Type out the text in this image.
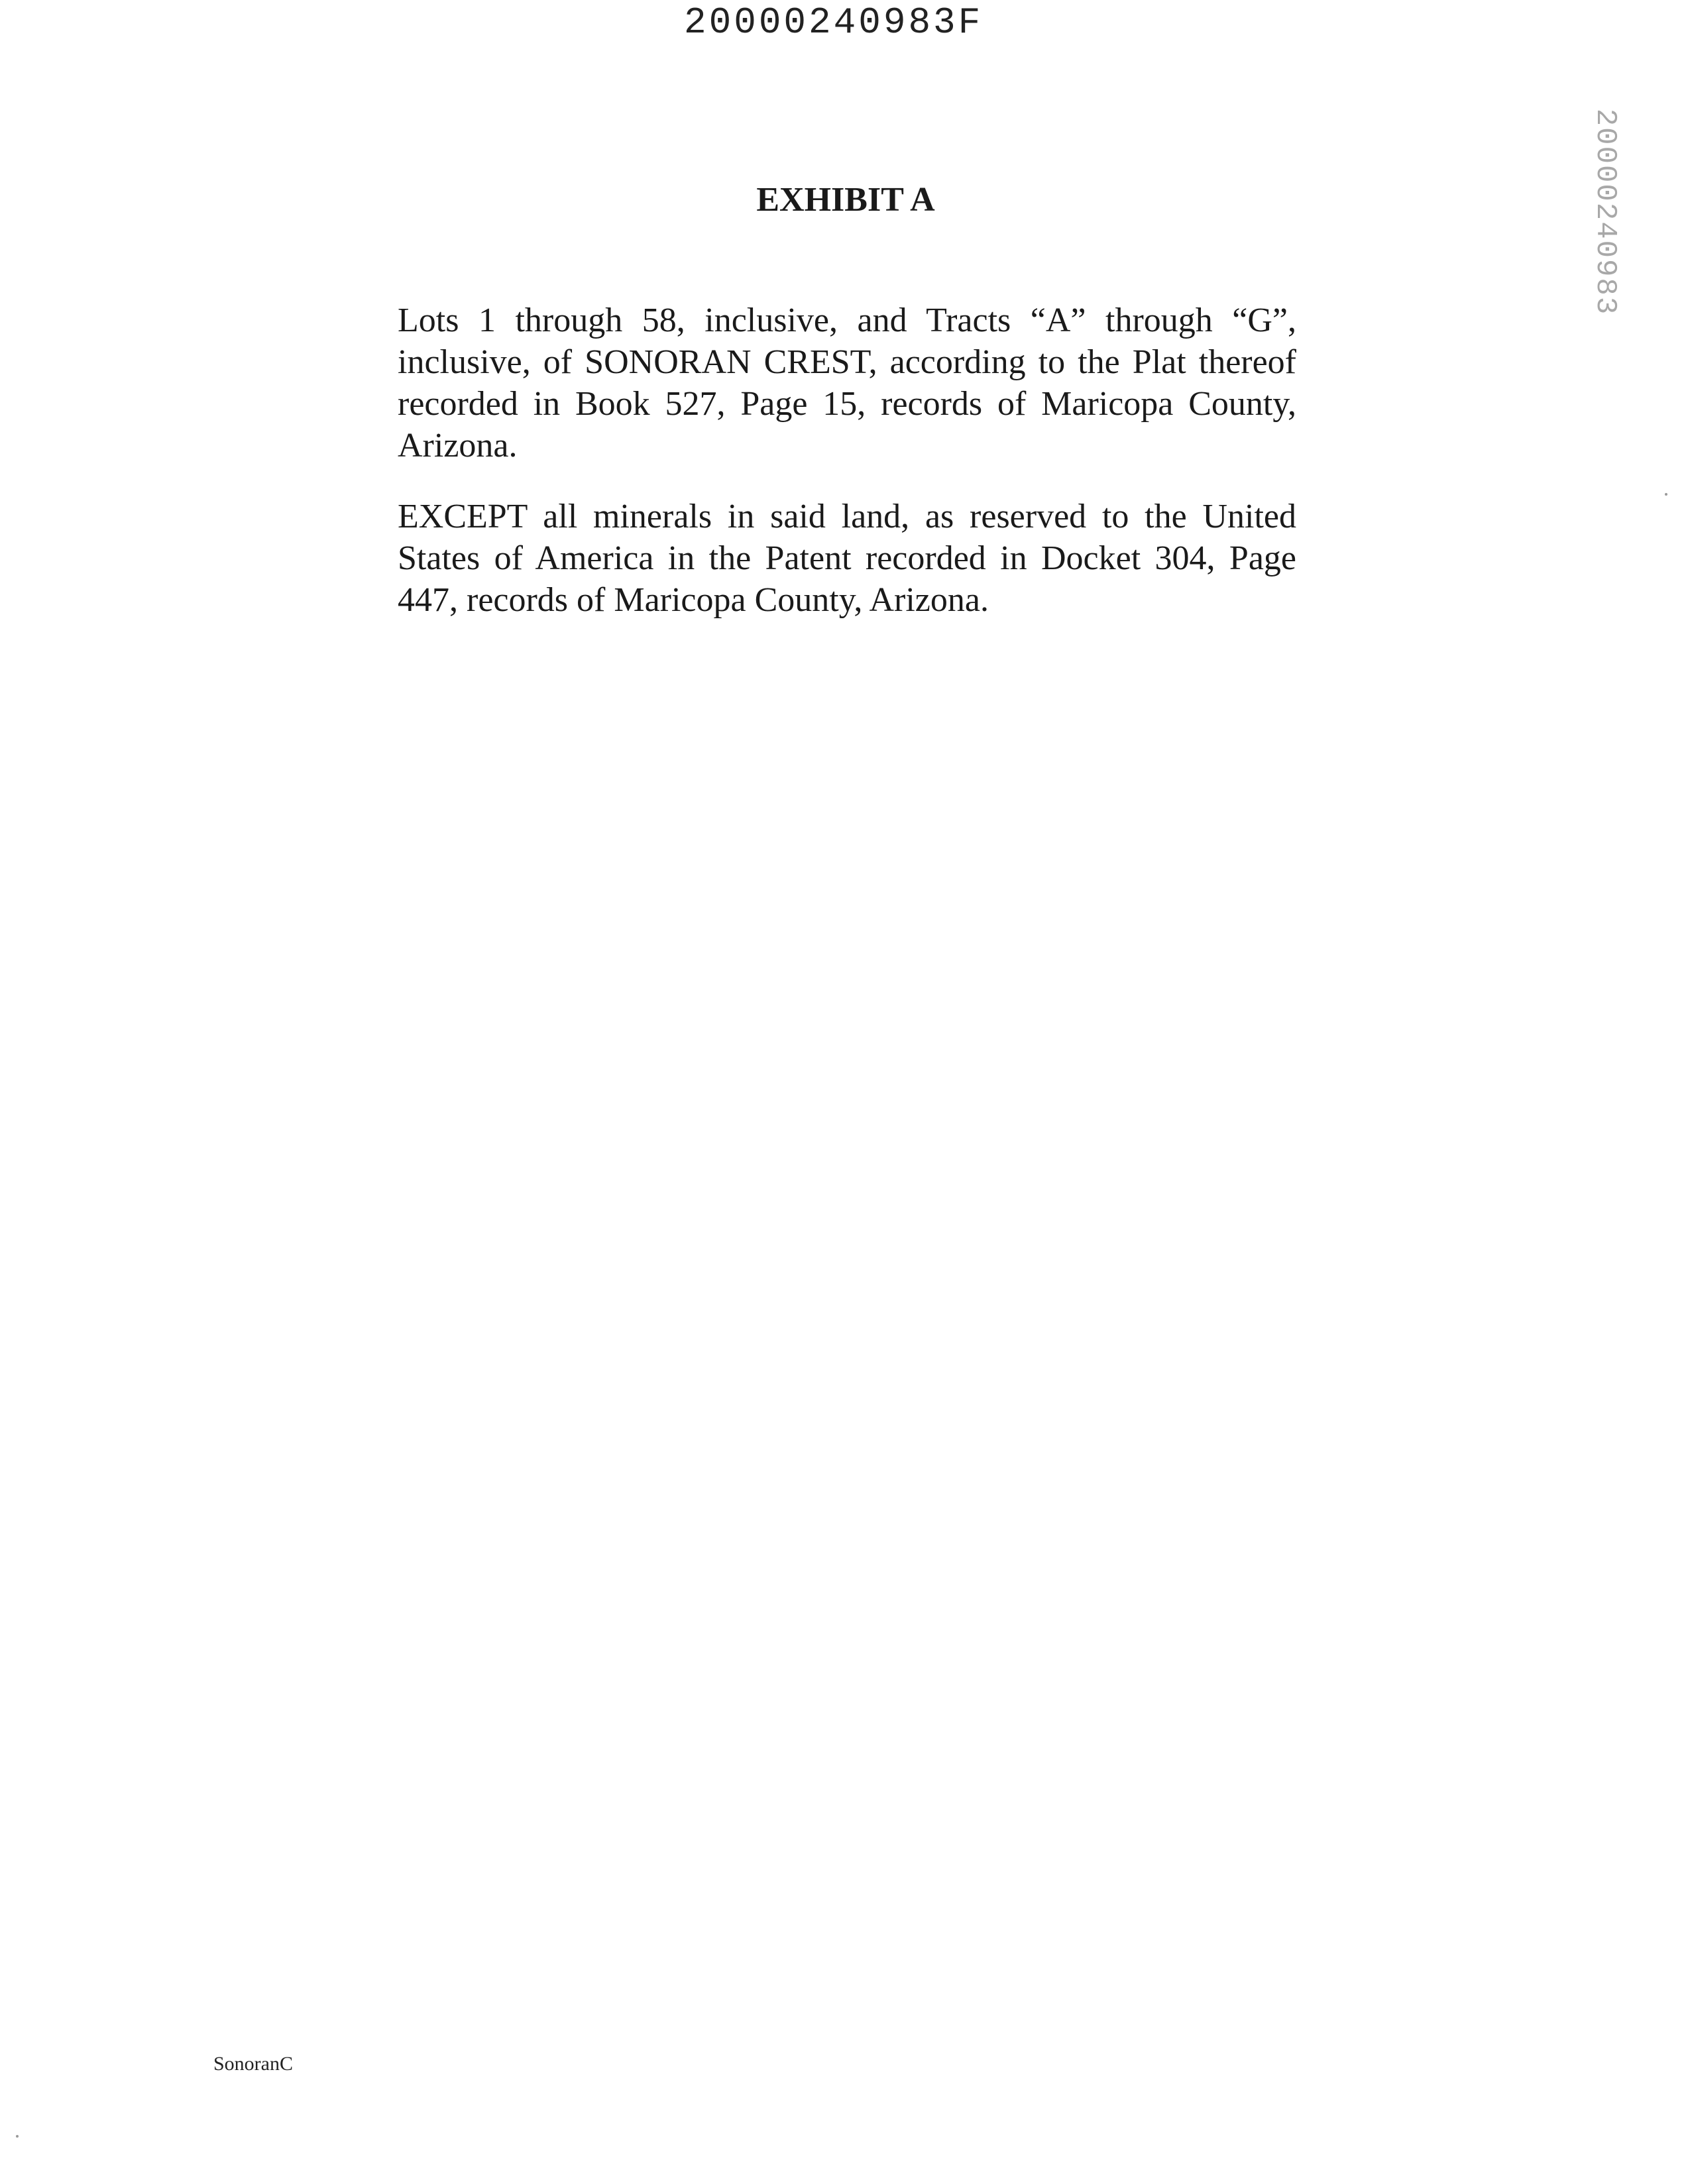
20000240983F
20000240983
EXHIBIT A

Lots 1 through 58, inclusive, and Tracts “A” through “G”, inclusive, of SONORAN CREST, according to the Plat thereof recorded in Book 527, Page 15, records of Maricopa County, Arizona.

EXCEPT all minerals in said land, as reserved to the United States of America in the Patent recorded in Docket 304, Page 447, records of Maricopa County, Arizona.

SonoranC
